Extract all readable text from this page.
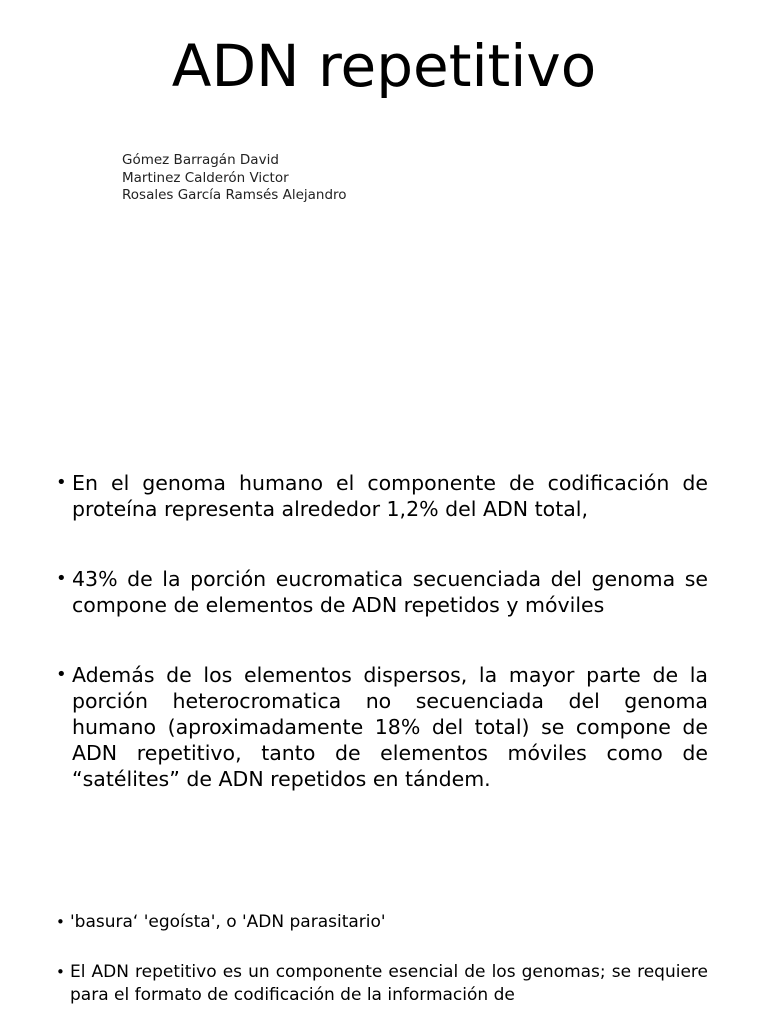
ADN repetitivo
Gómez Barragán David
Martinez Calderón Victor
Rosales García Ramsés Alejandro
• En el genoma humano el componente de codificación de proteína representa alrededor 1,2% del ADN total,
• 43% de la porción eucromatica secuenciada del genoma se compone de elementos de ADN repetidos y móviles
• Además de los elementos dispersos, la mayor parte de la porción heterocromatica no secuenciada del genoma humano (aproximadamente 18% del total) se compone de ADN repetitivo, tanto de elementos móviles como de “satélites” de ADN repetidos en tándem.
• 'basura‘ 'egoísta', o 'ADN parasitario'
• El ADN repetitivo es un componente esencial de los genomas; se requiere para el formato de codificación de la información de
